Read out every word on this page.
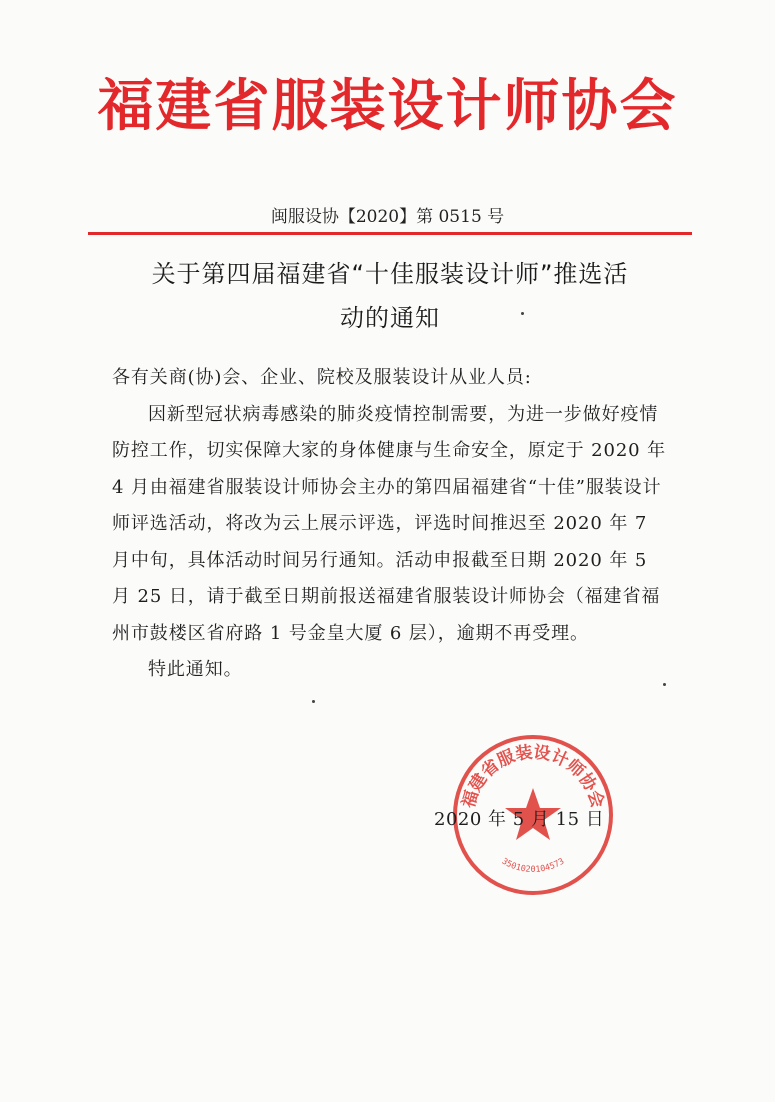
福建省服装设计师协会
闽服设协【2020】第 0515 号
关于第四届福建省“十佳服装设计师”推选活
动的通知

各有关商(协)会、企业、院校及服装设计从业人员:

因新型冠状病毒感染的肺炎疫情控制需要，为进一步做好疫情防控工作，切实保障大家的身体健康与生命安全，原定于 2020 年 4 月由福建省服装设计师协会主办的第四届福建省“十佳”服装设计师评选活动，将改为云上展示评选，评选时间推迟至 2020 年 7 月中旬，具体活动时间另行通知。活动申报截至日期 2020 年 5 月 25 日，请于截至日期前报送福建省服装设计师协会（福建省福州市鼓楼区省府路 1 号金皇大厦 6 层），逾期不再受理。

特此通知。

2020 年 5 月 15 日
福建省服装设计师协会
3501020104573
